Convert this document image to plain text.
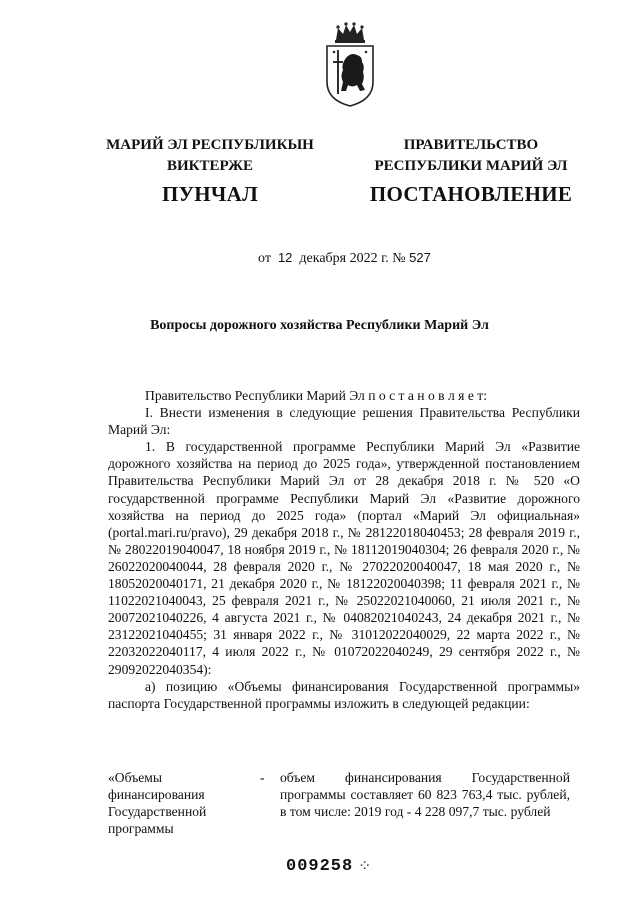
МАРИЙ ЭЛ РЕСПУБЛИКЫН
ВИКТЕРЖЕ
ПУНЧАЛ
ПРАВИТЕЛЬСТВО
РЕСПУБЛИКИ МАРИЙ ЭЛ
ПОСТАНОВЛЕНИЕ
от 12 декабря 2022 г. № 527
Вопросы дорожного хозяйства Республики Марий Эл

Правительство Республики Марий Эл п о с т а н о в л я е т:

I. Внести изменения в следующие решения Правительства Республики Марий Эл:

1. В государственной программе Республики Марий Эл «Развитие дорожного хозяйства на период до 2025 года», утвержденной постановлением Правительства Республики Марий Эл от 28 декабря 2018 г. № 520 «О государственной программе Республики Марий Эл «Развитие дорожного хозяйства на период до 2025 года» (портал «Марий Эл официальная» (portal.mari.ru/pravo), 29 декабря 2018 г., № 28122018040453; 28 февраля 2019 г., № 28022019040047, 18 ноября 2019 г., № 18112019040304; 26 февраля 2020 г., № 26022020040044, 28 февраля 2020 г., № 27022020040047, 18 мая 2020 г., № 18052020040171, 21 декабря 2020 г., № 18122020040398; 11 февраля 2021 г., № 11022021040043, 25 февраля 2021 г., № 25022021040060, 21 июля 2021 г., № 20072021040226, 4 августа 2021 г., № 04082021040243, 24 декабря 2021 г., № 23122021040455; 31 января 2022 г., № 31012022040029, 22 марта 2022 г., № 22032022040117, 4 июля 2022 г., № 01072022040249, 29 сентября 2022 г., № 29092022040354):

а) позицию «Объемы финансирования Государственной программы» паспорта Государственной программы изложить в следующей редакции:

«Объемы
финансирования
Государственной
программы
- объем финансирования Государственной программы составляет 60 823 763,4 тыс. рублей, в том числе: 2019 год - 4 228 097,7 тыс. рублей
009258 ⁘
